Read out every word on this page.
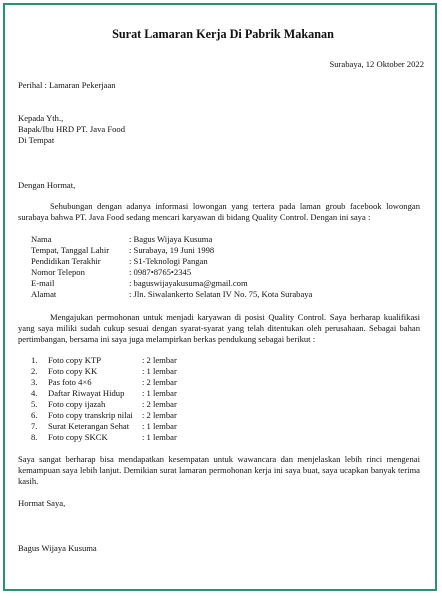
Surat Lamaran Kerja Di Pabrik Makanan
Surabaya, 12 Oktober 2022
Perihal : Lamaran Pekerjaan
Kepada Yth.,
Bapak/Ibu HRD PT. Java Food
Di Tempat
Dengan Hormat,
Sehubungan dengan adanya informasi lowongan yang tertera pada laman groub facebook lowongan surabaya bahwa PT. Java Food sedang mencari karyawan di bidang Quality Control. Dengan ini saya :
Nama	: Bagus Wijaya Kusuma
Tempat, Tanggal Lahir	: Surabaya, 19 Juni 1998
Pendidikan Terakhir	: S1-Teknologi Pangan
Nomor Telepon	: 0987•8765•2345
E-mail	: baguswijayakusuma@gmail.com
Alamat	: Jln. Siwalankerto Selatan IV No. 75, Kota Surabaya
Mengajukan permohonan untuk menjadi karyawan di posisi Quality Control. Saya berharap kualifikasi yang saya miliki sudah cukup sesuai dengan syarat-syarat yang telah ditentukan oleh perusahaan. Sebagai bahan pertimbangan, bersama ini saya juga melampirkan berkas pendukung sebagai berikut :
1.	Foto copy KTP	: 2 lembar
2.	Foto copy KK	: 1 lembar
3.	Pas foto 4×6	: 2 lembar
4.	Daftar Riwayat Hidup	: 1 lembar
5.	Foto copy ijazah	: 2 lembar
6.	Foto copy transkrip nilai	: 2 lembar
7.	Surat Keterangan Sehat	: 1 lembar
8.	Foto copy SKCK	: 1 lembar
Saya sangat berharap bisa mendapatkan kesempatan untuk wawancara dan menjelaskan lebih rinci mengenai kemampuan saya lebih lanjut. Demikian surat lamaran permohonan kerja ini saya buat, saya ucapkan banyak terima kasih.
Hormat Saya,
Bagus Wijaya Kusuma
